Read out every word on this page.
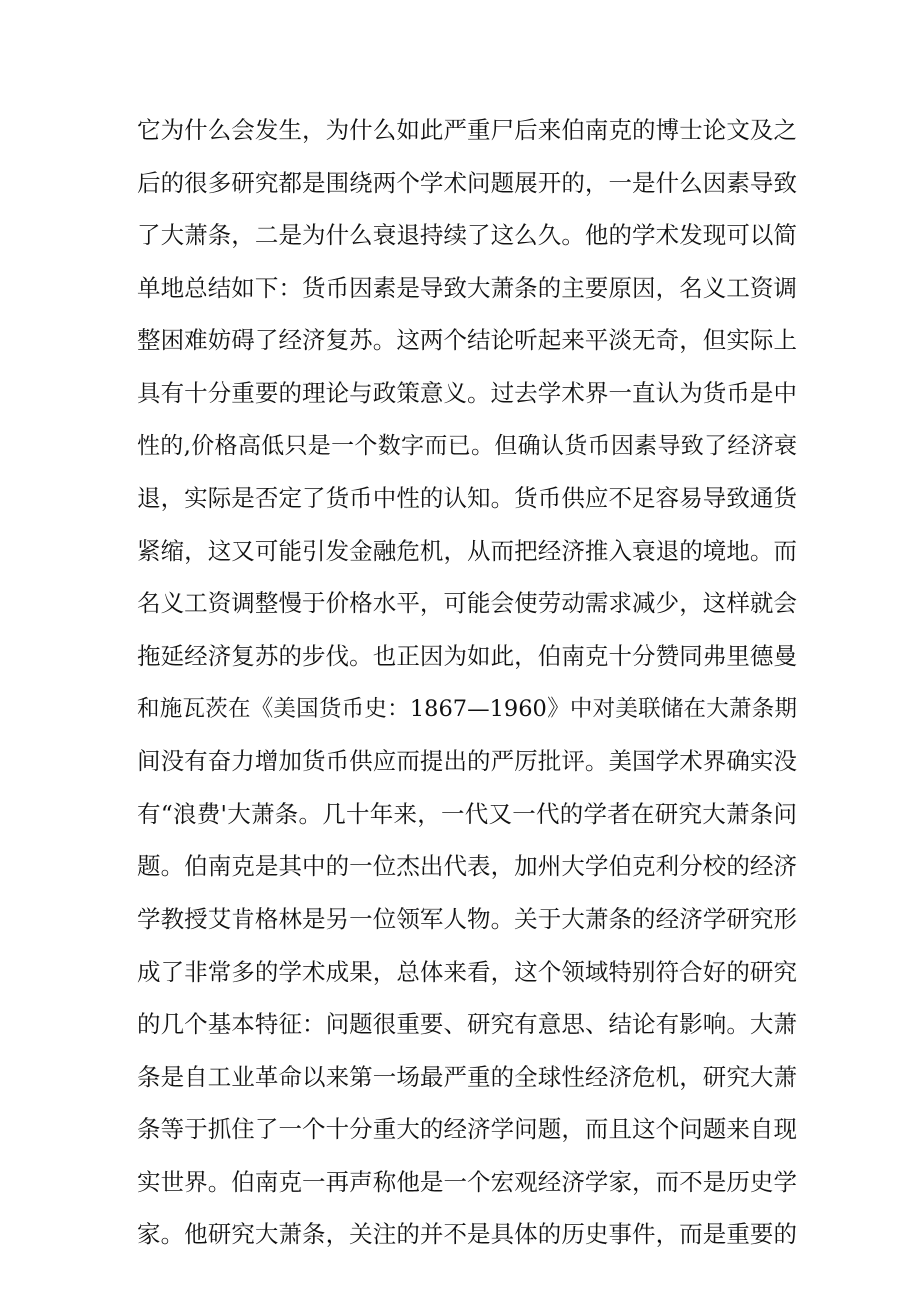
它为什么会发生，为什么如此严重尸后来伯南克的博士论文及之
后的很多研究都是围绕两个学术问题展开的，一是什么因素导致
了大萧条，二是为什么衰退持续了这么久。他的学术发现可以简
单地总结如下：货币因素是导致大萧条的主要原因，名义工资调
整困难妨碍了经济复苏。这两个结论听起来平淡无奇，但实际上
具有十分重要的理论与政策意义。过去学术界一直认为货币是中
性的,价格高低只是一个数字而已。但确认货币因素导致了经济衰
退，实际是否定了货币中性的认知。货币供应不足容易导致通货
紧缩，这又可能引发金融危机，从而把经济推入衰退的境地。而
名义工资调整慢于价格水平，可能会使劳动需求减少，这样就会
拖延经济复苏的步伐。也正因为如此，伯南克十分赞同弗里德曼
和施瓦茨在《美国货币史：1867—1960》中对美联储在大萧条期
间没有奋力增加货币供应而提出的严厉批评。美国学术界确实没
有“浪费'大萧条。几十年来，一代又一代的学者在研究大萧条问
题。伯南克是其中的一位杰出代表，加州大学伯克利分校的经济
学教授艾肯格林是另一位领军人物。关于大萧条的经济学研究形
成了非常多的学术成果，总体来看，这个领域特别符合好的研究
的几个基本特征：问题很重要、研究有意思、结论有影响。大萧
条是自工业革命以来第一场最严重的全球性经济危机，研究大萧
条等于抓住了一个十分重大的经济学问题，而且这个问题来自现
实世界。伯南克一再声称他是一个宏观经济学家，而不是历史学
家。他研究大萧条，关注的并不是具体的历史事件，而是重要的
